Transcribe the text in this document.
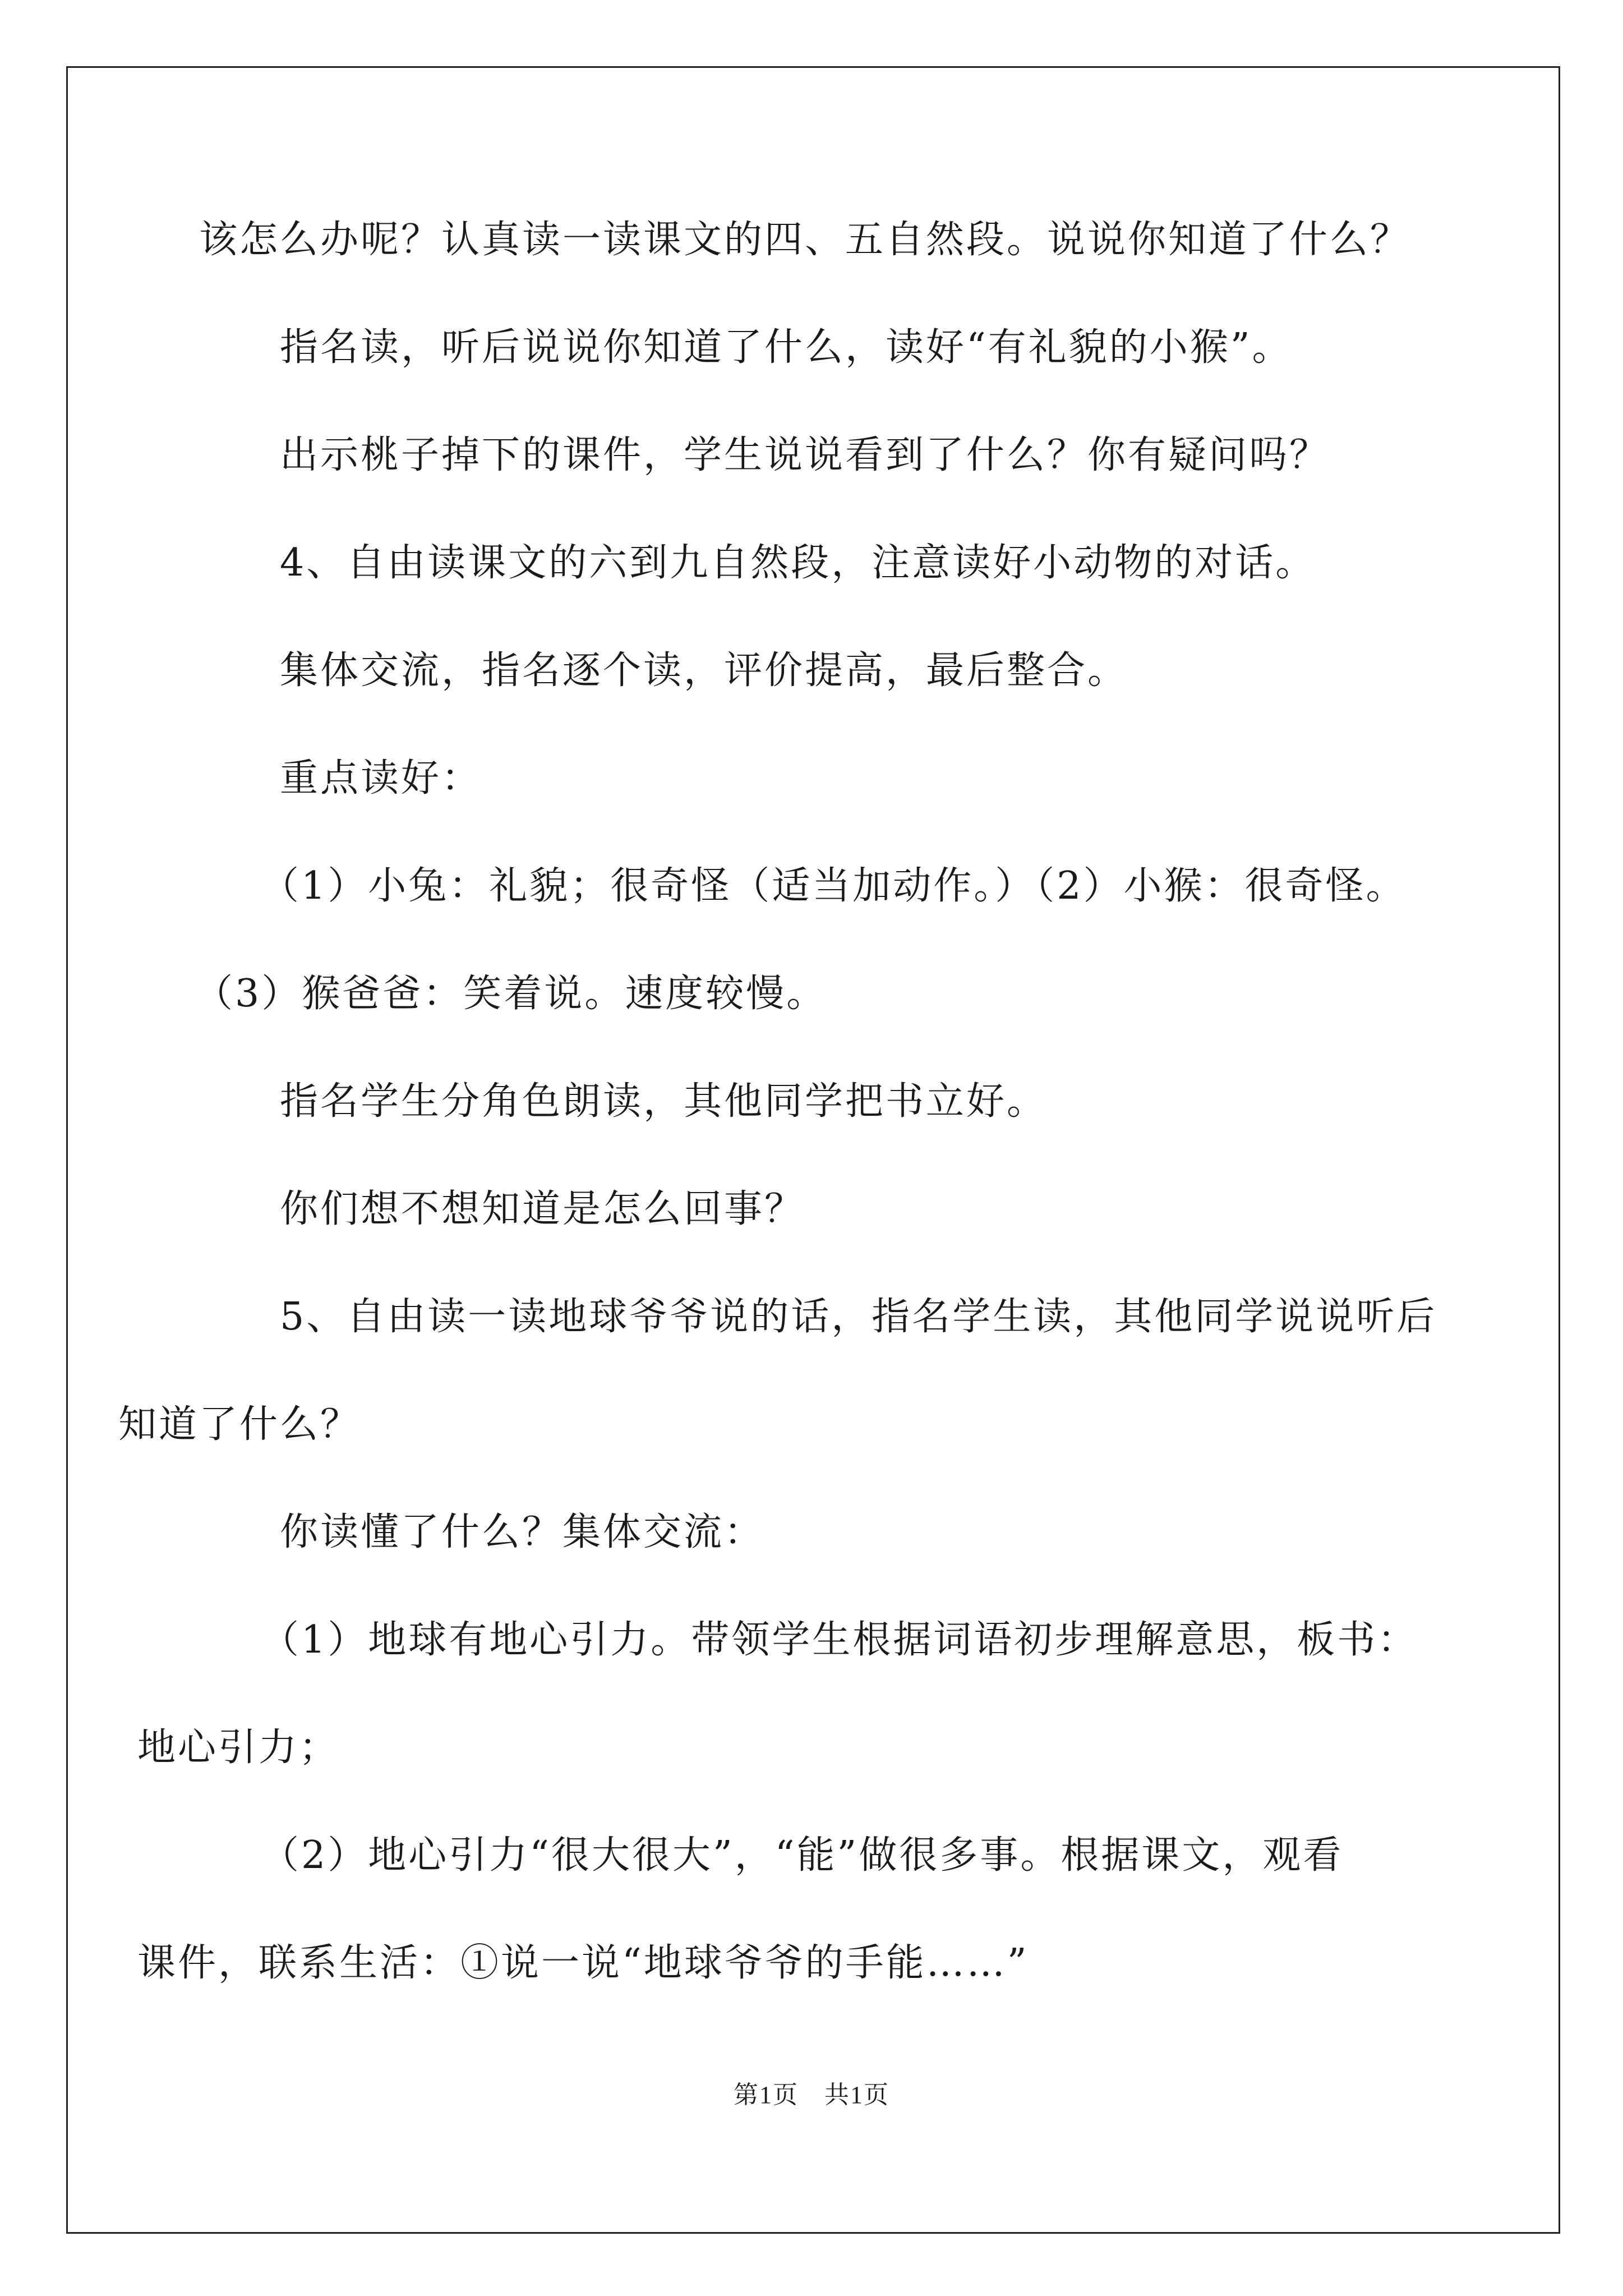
该怎么办呢？认真读一读课文的四、五自然段。说说你知道了什么？

指名读，听后说说你知道了什么，读好“有礼貌的小猴”。

出示桃子掉下的课件，学生说说看到了什么？你有疑问吗？

4、自由读课文的六到九自然段，注意读好小动物的对话。

集体交流，指名逐个读，评价提高，最后整合。

重点读好：

（1）小兔：礼貌；很奇怪（适当加动作。）（2）小猴：很奇怪。
（3）猴爸爸：笑着说。速度较慢。

指名学生分角色朗读，其他同学把书立好。

你们想不想知道是怎么回事？

5、自由读一读地球爷爷说的话，指名学生读，其他同学说说听后
知道了什么？

你读懂了什么？集体交流：

（1）地球有地心引力。带领学生根据词语初步理解意思，板书：
地心引力；

（2）地心引力“很大很大”，“能”做很多事。根据课文，观看
课件，联系生活：①说一说“地球爷爷的手能……”

第1页 共1页
